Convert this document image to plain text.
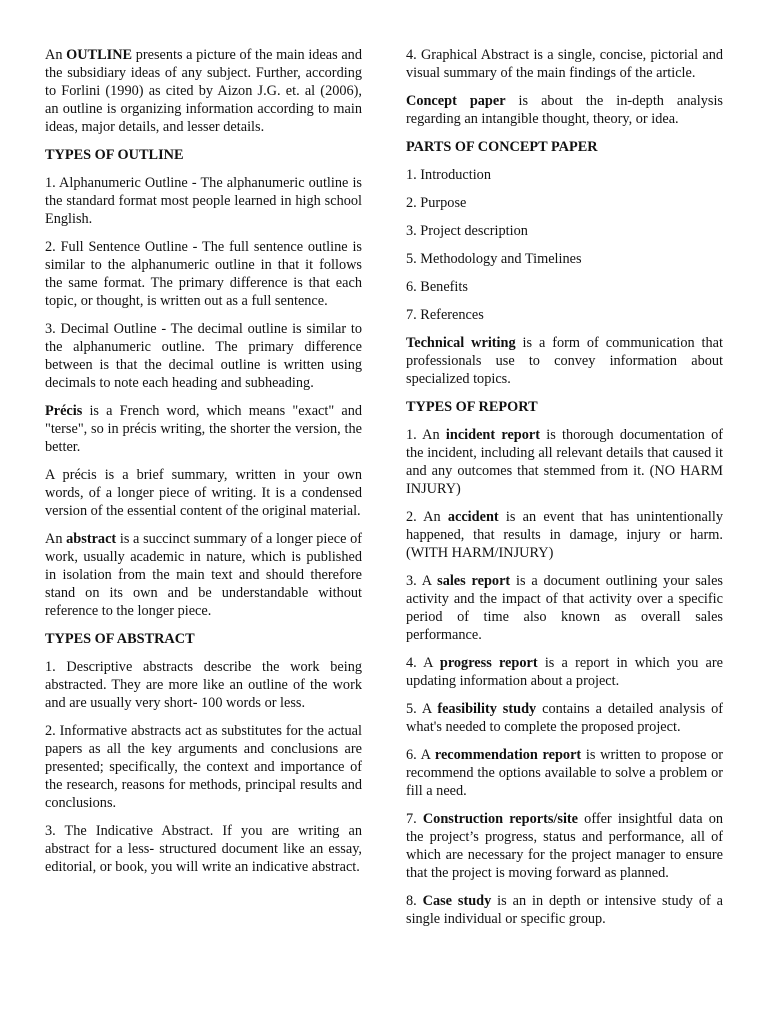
An OUTLINE presents a picture of the main ideas and the subsidiary ideas of any subject. Further, according to Forlini (1990) as cited by Aizon J.G. et. al (2006), an outline is organizing information according to main ideas, major details, and lesser details.

TYPES OF OUTLINE

1. Alphanumeric Outline - The alphanumeric outline is the standard format most people learned in high school English.

2. Full Sentence Outline - The full sentence outline is similar to the alphanumeric outline in that it follows the same format. The primary difference is that each topic, or thought, is written out as a full sentence.

3. Decimal Outline - The decimal outline is similar to the alphanumeric outline. The primary difference between is that the decimal outline is written using decimals to note each heading and subheading.

Précis is a French word, which means "exact" and "terse", so in précis writing, the shorter the version, the better.

A précis is a brief summary, written in your own words, of a longer piece of writing. It is a condensed version of the essential content of the original material.

An abstract is a succinct summary of a longer piece of work, usually academic in nature, which is published in isolation from the main text and should therefore stand on its own and be understandable without reference to the longer piece.

TYPES OF ABSTRACT

1. Descriptive abstracts describe the work being abstracted. They are more like an outline of the work and are usually very short- 100 words or less.

2. Informative abstracts act as substitutes for the actual papers as all the key arguments and conclusions are presented; specifically, the context and importance of the research, reasons for methods, principal results and conclusions.

3. The Indicative Abstract. If you are writing an abstract for a less- structured document like an essay, editorial, or book, you will write an indicative abstract.

4. Graphical Abstract is a single, concise, pictorial and visual summary of the main findings of the article.

Concept paper is about the in-depth analysis regarding an intangible thought, theory, or idea.

PARTS OF CONCEPT PAPER
1. Introduction
2. Purpose
3. Project description
5. Methodology and Timelines
6. Benefits
7. References

Technical writing is a form of communication that professionals use to convey information about specialized topics.

TYPES OF REPORT

1. An incident report is thorough documentation of the incident, including all relevant details that caused it and any outcomes that stemmed from it. (NO HARM INJURY)

2. An accident is an event that has unintentionally happened, that results in damage, injury or harm. (WITH HARM/INJURY)

3. A sales report is a document outlining your sales activity and the impact of that activity over a specific period of time also known as overall sales performance.

4. A progress report is a report in which you are updating information about a project.

5. A feasibility study contains a detailed analysis of what's needed to complete the proposed project.

6. A recommendation report is written to propose or recommend the options available to solve a problem or fill a need.

7. Construction reports/site offer insightful data on the project’s progress, status and performance, all of which are necessary for the project manager to ensure that the project is moving forward as planned.

8. Case study is an in depth or intensive study of a single individual or specific group.
